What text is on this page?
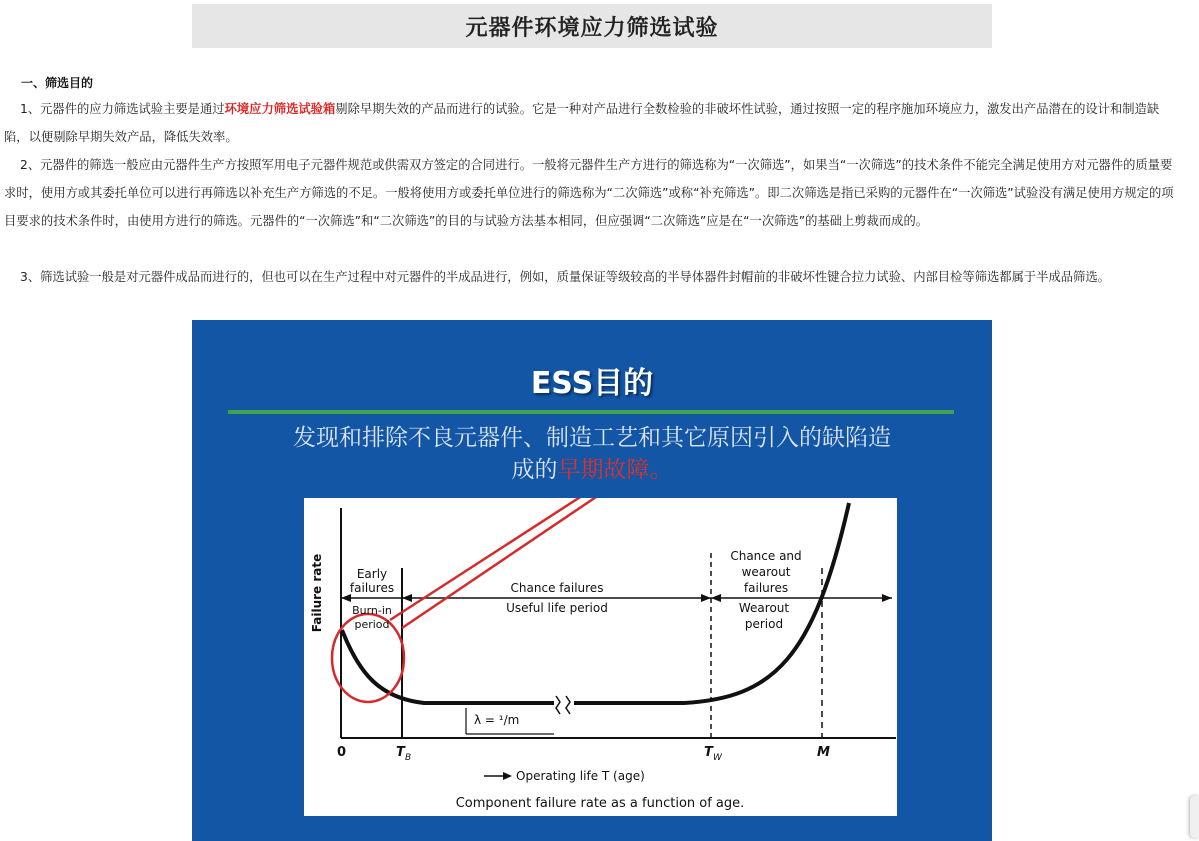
元器件环境应力筛选试验
一、筛选目的

1、元器件的应力筛选试验主要是通过环境应力筛选试验箱剔除早期失效的产品而进行的试验。它是一种对产品进行全数检验的非破坏性试验，通过按照一定的程序施加环境应力，激发出产品潜在的设计和制造缺陷，以便剔除早期失效产品，降低失效率。

2、元器件的筛选一般应由元器件生产方按照军用电子元器件规范或供需双方签定的合同进行。一般将元器件生产方进行的筛选称为“一次筛选”，如果当“一次筛选”的技术条件不能完全满足使用方对元器件的质量要求时，使用方或其委托单位可以进行再筛选以补充生产方筛选的不足。一般将使用方或委托单位进行的筛选称为“二次筛选”或称“补充筛选”。即二次筛选是指已采购的元器件在“一次筛选”试验没有满足使用方规定的项目要求的技术条件时，由使用方进行的筛选。元器件的“一次筛选”和“二次筛选”的目的与试验方法基本相同，但应强调“二次筛选”应是在“一次筛选”的基础上剪裁而成的。

3、筛选试验一般是对元器件成品而进行的，但也可以在生产过程中对元器件的半成品进行，例如，质量保证等级较高的半导体器件封帽前的非破坏性键合拉力试验、内部目检等筛选都属于半成品筛选。

ESS目的
发现和排除不良元器件、制造工艺和其它原因引入的缺陷造
成的早期故障。
λ = ¹/m
Failure rate	Early
failures
Burn-in
period
Chance failures
Useful life period
Chance and
wearout
failures
Wearout
period
0	T B	T W	M
Operating life T (age)
Component failure rate as a function of age.
